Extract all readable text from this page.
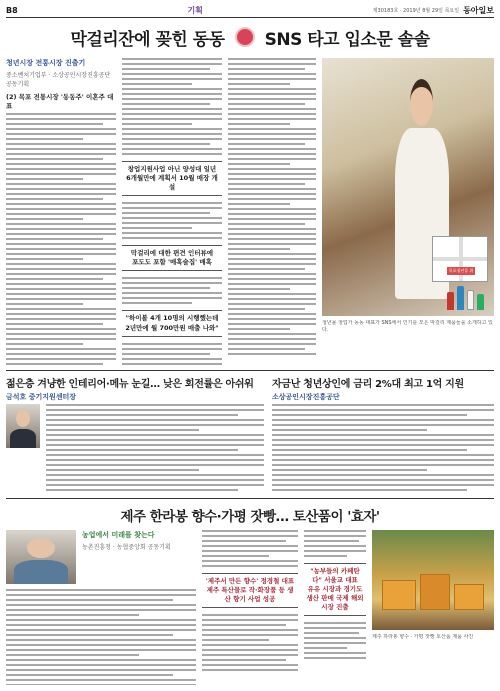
B8	기획	제30183호 · 2019년 8월 29일 목요일 동아일보
막걸리잔에 꽂힌 동동 SNS 타고 입소문 솔솔
청년시장 전통시장 진출기
중소벤처기업부 · 소상공인시장진흥공단 공동기획
(2) 목포 전통시장 '동동주' 이혼주 대표
창업지원사업 아닌 양성대 일년
6개월만에 계획서 10월 매장 개설
막걸리에 대한 편견 인터뷰에
포도도 포함 '매혹술집' 매혹
"하이볼 4개 10명의 시행했는데
2년만에 월 700만원 매출 나와"
목포청년몰 위치도
청년몰 창업가 동동 대표가 SNS에서 인기를 모은 막걸리 제품들을 소개하고 있다.
젊은층 겨냥한 인테리어·메뉴 눈길… 낮은 회전률은 아쉬워 자금난 청년상인에 금리 2%대 최고 1억 지원
금석호 중기지원센터장	소상공인시장진흥공단
제주 한라봉 향수·가평 잣빵… 토산품이 '효자'
농업에서 미래를 찾는다
농촌진흥청 · 농협중앙회 공동기획
'제주서 만든 향수' 정경철 대표
제주 특산물로 작·화장품 등 생산 향기 사업 성공
"농부들의 카페탄다" 서울교 대표
유유 시장과 경기도 생산 판매 국제 해외 시장 진출
제주 하라봉 향수 · 가평 잣빵 토산품 제품 사진
